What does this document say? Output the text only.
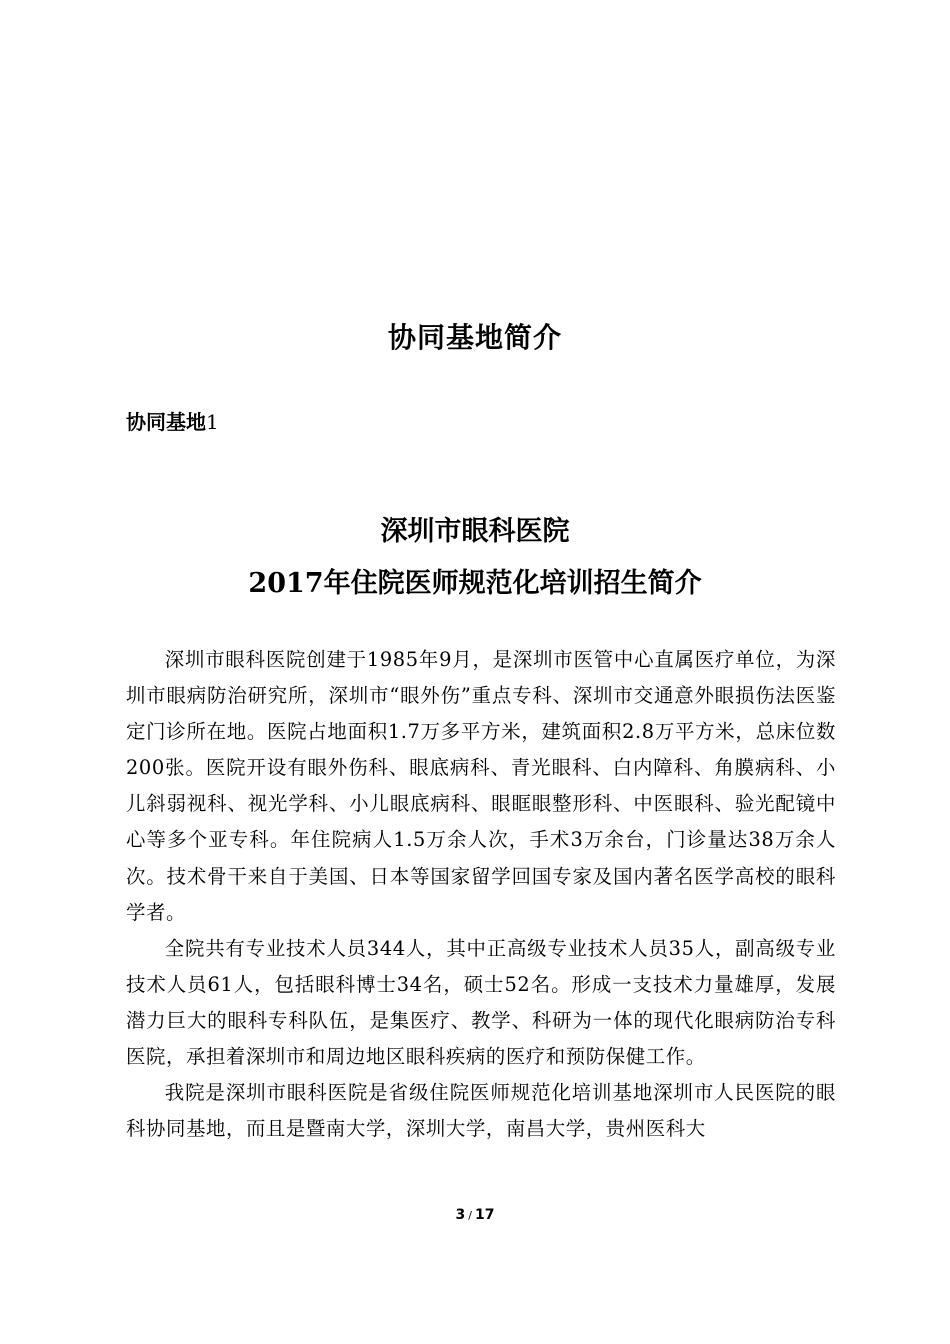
协同基地简介
协同基地1
深圳市眼科医院
2017年住院医师规范化培训招生简介

深圳市眼科医院创建于1985年9月，是深圳市医管中心直属医疗单位，为深圳市眼病防治研究所，深圳市“眼外伤”重点专科、深圳市交通意外眼损伤法医鉴定门诊所在地。医院占地面积1.7万多平方米，建筑面积2.8万平方米，总床位数200张。医院开设有眼外伤科、眼底病科、青光眼科、白内障科、角膜病科、小儿斜弱视科、视光学科、小儿眼底病科、眼眶眼整形科、中医眼科、验光配镜中心等多个亚专科。年住院病人1.5万余人次，手术3万余台，门诊量达38万余人次。技术骨干来自于美国、日本等国家留学回国专家及国内著名医学高校的眼科学者。

全院共有专业技术人员344人，其中正高级专业技术人员35人，副高级专业技术人员61人，包括眼科博士34名，硕士52名。形成一支技术力量雄厚，发展潜力巨大的眼科专科队伍，是集医疗、教学、科研为一体的现代化眼病防治专科医院，承担着深圳市和周边地区眼科疾病的医疗和预防保健工作。

我院是深圳市眼科医院是省级住院医师规范化培训基地深圳市人民医院的眼科协同基地，而且是暨南大学，深圳大学，南昌大学，贵州医科大

3 / 17
